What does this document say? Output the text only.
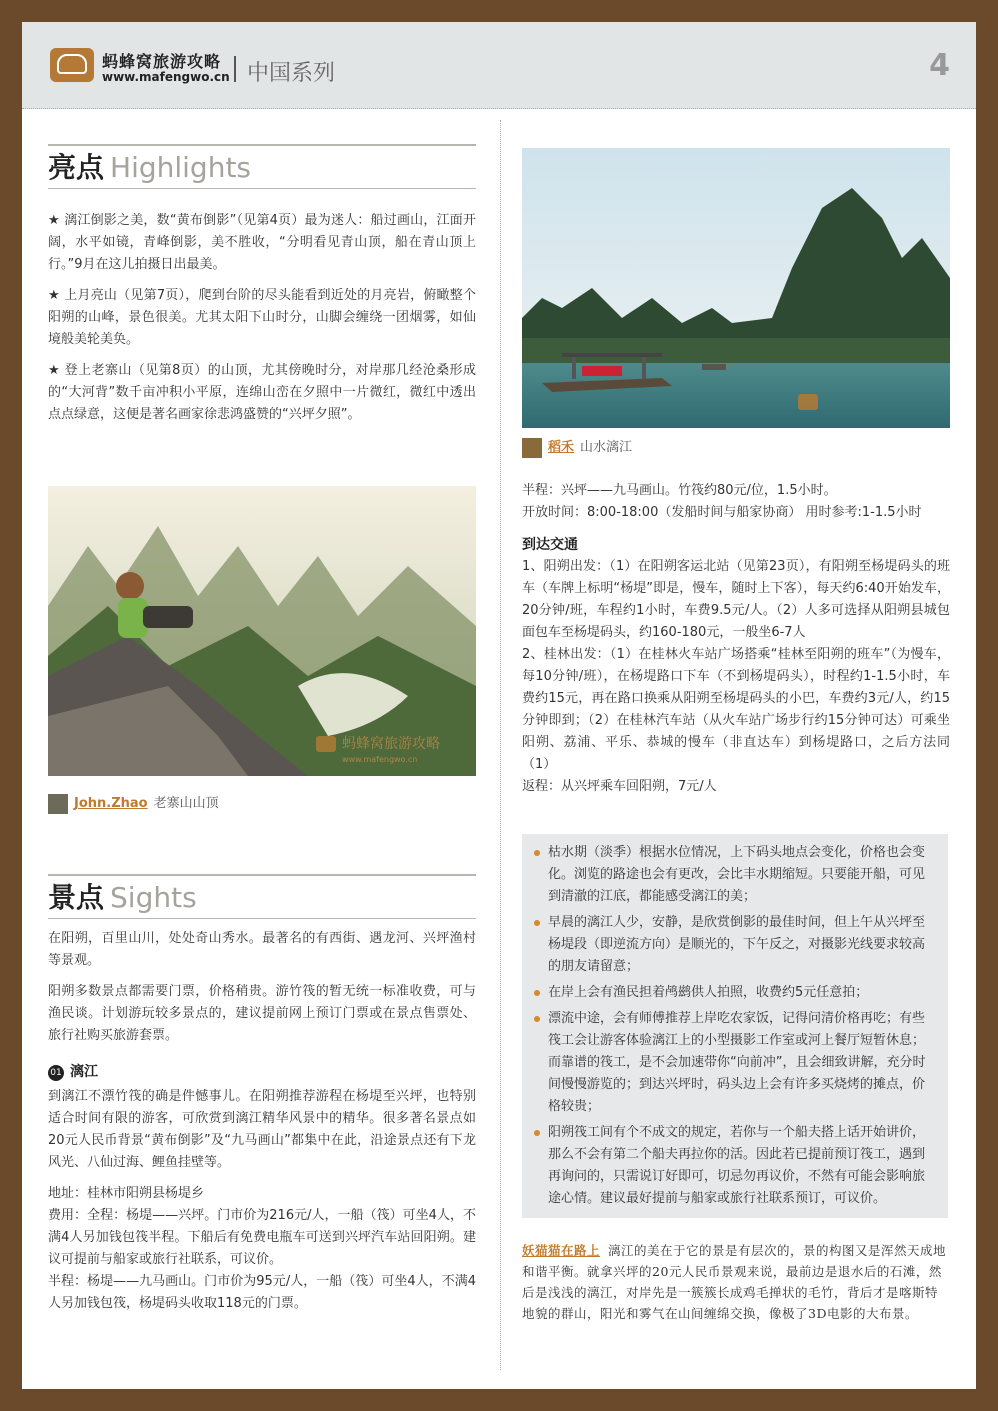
蚂蜂窝旅游攻略
www.mafengwo.cn 中国系列	4
亮点 Highlights

★ 漓江倒影之美，数“黄布倒影”（见第4页）最为迷人：船过画山，江面开阔，水平如镜，青峰倒影，美不胜收，“分明看见青山顶，船在青山顶上行。”9月在这儿拍摄日出最美。

★ 上月亮山（见第7页），爬到台阶的尽头能看到近处的月亮岩，俯瞰整个阳朔的山峰，景色很美。尤其太阳下山时分，山脚会缠绕一团烟雾，如仙境般美轮美奂。

★ 登上老寨山（见第8页）的山顶，尤其傍晚时分，对岸那几经沧桑形成的“大河背”数千亩冲积小平原，连绵山峦在夕照中一片微红，微红中透出点点绿意，这便是著名画家徐悲鸿盛赞的“兴坪夕照”。

蚂蜂窝旅游攻略
www.mafengwo.cn
John.Zhao 老寨山山顶
景点 Sights

在阳朔，百里山川，处处奇山秀水。最著名的有西街、遇龙河、兴坪渔村等景观。

阳朔多数景点都需要门票，价格稍贵。游竹筏的暂无统一标准收费，可与渔民谈。计划游玩较多景点的，建议提前网上预订门票或在景点售票处、旅行社购买旅游套票。

01 漓江

到漓江不漂竹筏的确是件憾事儿。在阳朔推荐游程在杨堤至兴坪，也特别适合时间有限的游客，可欣赏到漓江精华风景中的精华。很多著名景点如20元人民币背景“黄布倒影”及“九马画山”都集中在此，沿途景点还有下龙风光、八仙过海、鲤鱼挂壁等。

地址：桂林市阳朔县杨堤乡

费用：全程：杨堤——兴坪。门市价为216元/人，一船（筏）可坐4人，不满4人另加钱包筏半程。下船后有免费电瓶车可送到兴坪汽车站回阳朔。建议可提前与船家或旅行社联系，可议价。

半程：杨堤——九马画山。门市价为95元/人，一船（筏）可坐4人，不满4人另加钱包筏，杨堤码头收取118元的门票。

稻禾 山水漓江

半程：兴坪——九马画山。竹筏约80元/位，1.5小时。

开放时间：8:00-18:00（发船时间与船家协商） 用时参考:1-1.5小时

到达交通

1、阳朔出发：（1）在阳朔客运北站（见第23页），有阳朔至杨堤码头的班车（车牌上标明“杨堤”即是，慢车，随时上下客），每天约6:40开始发车，20分钟/班，车程约1小时，车费9.5元/人。（2）人多可选择从阳朔县城包面包车至杨堤码头，约160-180元，一般坐6-7人

2、桂林出发：（1）在桂林火车站广场搭乘“桂林至阳朔的班车”（为慢车，每10分钟/班），在杨堤路口下车（不到杨堤码头），时程约1-1.5小时，车费约15元，再在路口换乘从阳朔至杨堤码头的小巴，车费约3元/人，约15分钟即到；（2）在桂林汽车站（从火车站广场步行约15分钟可达）可乘坐阳朔、荔浦、平乐、恭城的慢车（非直达车）到杨堤路口，之后方法同（1）

返程：从兴坪乘车回阳朔，7元/人

枯水期（淡季）根据水位情况，上下码头地点会变化，价格也会变化。浏览的路途也会有更改，会比丰水期缩短。只要能开船，可见到清澈的江底，都能感受漓江的美；
早晨的漓江人少，安静，是欣赏倒影的最佳时间，但上午从兴坪至杨堤段（即逆流方向）是顺光的，下午反之，对摄影光线要求较高的朋友请留意；
在岸上会有渔民担着鸬鹚供人拍照，收费约5元任意拍；
漂流中途，会有师傅推荐上岸吃农家饭，记得问清价格再吃；有些筏工会让游客体验漓江上的小型摄影工作室或河上餐厅短暂休息；而靠谱的筏工，是不会加速带你“向前冲”，且会细致讲解，充分时间慢慢游览的；到达兴坪时，码头边上会有许多买烧烤的摊点，价格较贵；
阳朔筏工间有个不成文的规定，若你与一个船夫搭上话开始讲价，那么不会有第二个船夫再拉你的活。因此若已提前预订筏工，遇到再询问的，只需说订好即可，切忌勿再议价，不然有可能会影响旅途心情。建议最好提前与船家或旅行社联系预订，可议价。
妖猫猫在路上 漓江的美在于它的景是有层次的，景的构图又是浑然天成地和谐平衡。就拿兴坪的20元人民币景观来说，最前边是退水后的石滩，然后是浅浅的漓江，对岸先是一簇簇长成鸡毛掸状的毛竹，背后才是喀斯特地貌的群山，阳光和雾气在山间缠绵交换，像极了3D电影的大布景。
